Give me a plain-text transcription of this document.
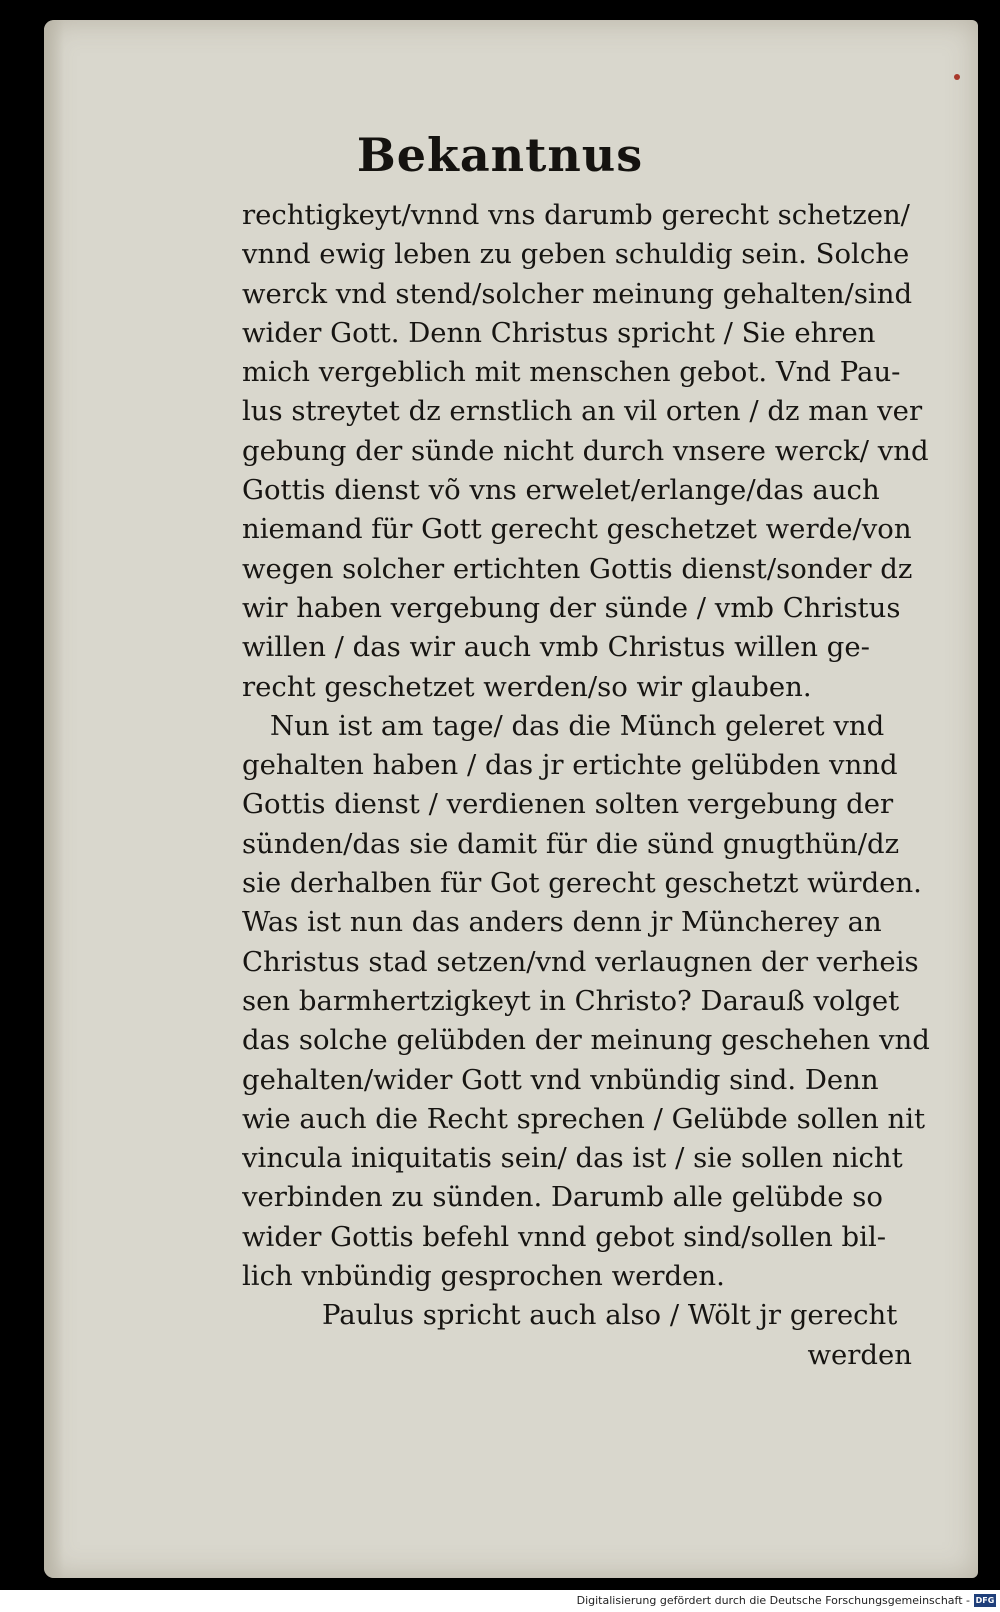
Bekantnus
rechtigkeyt/vnnd vns darumb gerecht schetzen/
vnnd ewig leben zu geben schuldig sein. Solche
werck vnd stend/solcher meinung gehalten/sind
wider Gott. Denn Christus spricht / Sie ehren
mich vergeblich mit menschen gebot. Vnd Pau-
lus streytet dz ernstlich an vil orten / dz man ver
gebung der sünde nicht durch vnsere werck/ vnd
Gottis dienst võ vns erwelet/erlange/das auch
niemand für Gott gerecht geschetzet werde/von
wegen solcher ertichten Gottis dienst/sonder dz
wir haben vergebung der sünde / vmb Christus
willen / das wir auch vmb Christus willen ge-
recht geschetzet werden/so wir glauben.
Nun ist am tage/ das die Münch geleret vnd
gehalten haben / das jr ertichte gelübden vnnd
Gottis dienst / verdienen solten vergebung der
sünden/das sie damit für die sünd gnugthün/dz
sie derhalben für Got gerecht geschetzt würden.
Was ist nun das anders denn jr Müncherey an
Christus stad setzen/vnd verlaugnen der verheis
sen barmhertzigkeyt in Christo? Darauß volget
das solche gelübden der meinung geschehen vnd
gehalten/wider Gott vnd vnbündig sind. Denn
wie auch die Recht sprechen / Gelübde sollen nit
vincula iniquitatis sein/ das ist / sie sollen nicht
verbinden zu sünden. Darumb alle gelübde so
wider Gottis befehl vnnd gebot sind/sollen bil-
lich vnbündig gesprochen werden.
Paulus spricht auch also / Wölt jr gerecht
werden
Digitalisierung gefördert durch die Deutsche Forschungsgemeinschaft - DFG
